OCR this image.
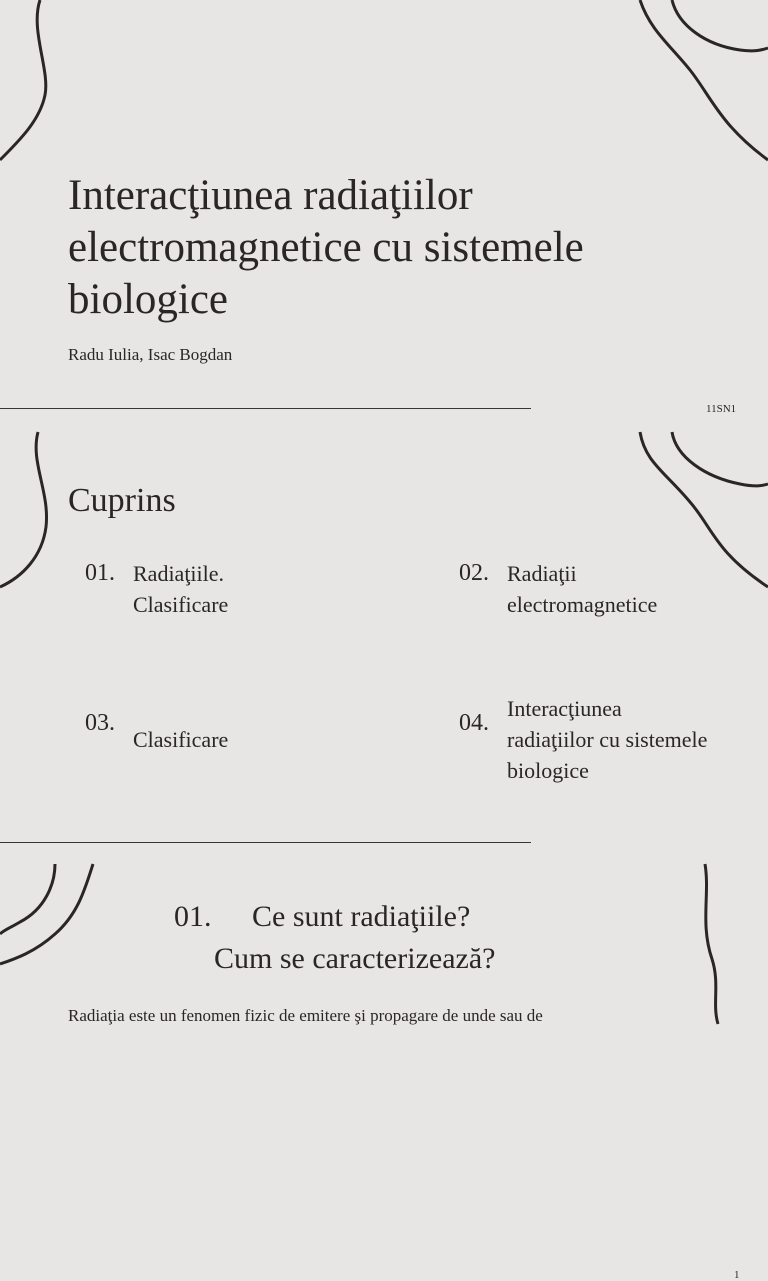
Interacţiunea radiaţiilor electromagnetice cu sistemele biologice
Radu Iulia, Isac Bogdan
11SN1
Cuprins
01. Radiaţiile.
Clasificare
02. Radiaţii
electromagnetice
03.
Clasificare
04.
Interacţiunea
radiaţiilor cu sistemele
biologice
1
01. Ce sunt radiaţiile?
Cum se caracterizează?
Radiaţia este un fenomen fizic de emitere şi propagare de unde sau de
